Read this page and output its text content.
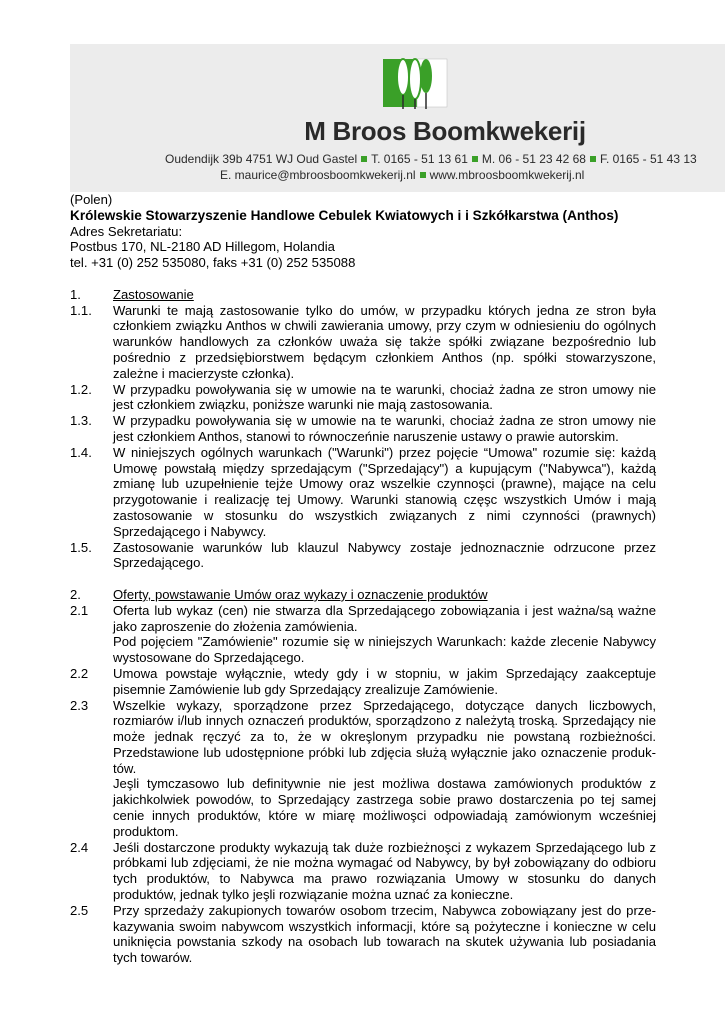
M Broos Boomkwekerij
Oudendijk 39b 4751 WJ Oud Gastel T. 0165 - 51 13 61 M. 06 - 51 23 42 68 F. 0165 - 51 43 13
E. maurice@mbroosboomkwekerij.nl www.mbroosboomkwekerij.nl

(Polen)

Królewskie Stowarzyszenie Handlowe Cebulek Kwiatowych i i Szkółkarstwa (Anthos)

Adres Sekretariatu:

Postbus 170, NL-2180 AD Hillegom, Holandia

tel. +31 (0) 252 535080, faks +31 (0) 252 535088

1.	Zastosowanie
1.1.	Warunki te mają zastosowanie tylko do umów, w przypadku których jedna ze stron była członkiem związku Anthos w chwili zawierania umowy, przy czym w odniesieniu do ogólnych warunków handlowych za członków uważa się także spółki związane bezpośrednio lub pośrednio z przedsiębiorstwem będącym członkiem Anthos (np. spółki stowarzyszone, zależne i macierzyste członka).
1.2.	W przypadku powoływania się w umowie na te warunki, chociaż żadna ze stron umowy nie jest członkiem związku, poniższe warunki nie mają zastosowania.
1.3.	W przypadku powoływania się w umowie na te warunki, chociaż żadna ze stron umowy nie jest członkiem Anthos, stanowi to równoczeńnie naruszenie ustawy o prawie autorskim.
1.4.	W niniejszych ogólnych warunkach ("Warunki") przez pojęcie “Umowa" rozumie się: każdą Umowę powstałą między sprzedającym ("Sprzedający") a kupującym ("Nabywca"), każdą zmianę lub uzupełnienie tejże Umowy oraz wszelkie czynnoşci (prawne), mające na celu przygotowanie i realizację tej Umowy. Warunki stanowią częşc wszystkich Umów i mają zastosowanie w stosunku do wszystkich związanych z nimi czynności (prawnych) Sprzedającego i Nabywcy.
1.5.	Zastosowanie warunków lub klauzul Nabywcy zostaje jednoznacznie odrzucone przez Sprzedającego.
2.	Oferty, powstawanie Umów oraz wykazy i oznaczenie produktów
2.1	Oferta lub wykaz (cen) nie stwarza dla Sprzedającego zobowiązania i jest ważna/są ważne jako zaproszenie do złożenia zamówienia.
Pod pojęciem "Zamówienie" rozumie się w niniejszych Warunkach: każde zlecenie Nabywcy wystosowane do Sprzedającego.
2.2	Umowa powstaje wyłącznie, wtedy gdy i w stopniu, w jakim Sprzedający zaakceptuje pisemnie Zamówienie lub gdy Sprzedający zrealizuje Zamówienie.
2.3	Wszelkie wykazy, sporządzone przez Sprzedającego, dotyczące danych liczbowych, rozmiarów i/lub innych oznaczeń produktów, sporządzono z należytą troską. Sprzedający nie może jednak ręczyć za to, że w okreşlonym przypadku nie powstaną rozbieżności. Przedstawione lub udostępnione próbki lub zdjęcia służą wyłącznie jako oznaczenie produk-tów.
Jeşli tymczasowo lub definitywnie nie jest możliwa dostawa zamówionych produktów z jakichkolwiek powodów, to Sprzedający zastrzega sobie prawo dostarczenia po tej samej cenie innych produktów, które w miarę możliwoşci odpowiadają zamówionym wcześniej produktom.
2.4	Jeśli dostarczone produkty wykazują tak duże rozbieżnoşci z wykazem Sprzedającego lub z próbkami lub zdjęciami, że nie można wymagać od Nabywcy, by był zobowiązany do odbioru tych produktów, to Nabywca ma prawo rozwiązania Umowy w stosunku do danych produktów, jednak tylko jeşli rozwiązanie można uznać za konieczne.
2.5	Przy sprzedaży zakupionych towarów osobom trzecim, Nabywca zobowiązany jest do prze-kazywania swoim nabywcom wszystkich informacji, które są pożyteczne i konieczne w celu uniknięcia powstania szkody na osobach lub towarach na skutek używania lub posiadania tych towarów.
